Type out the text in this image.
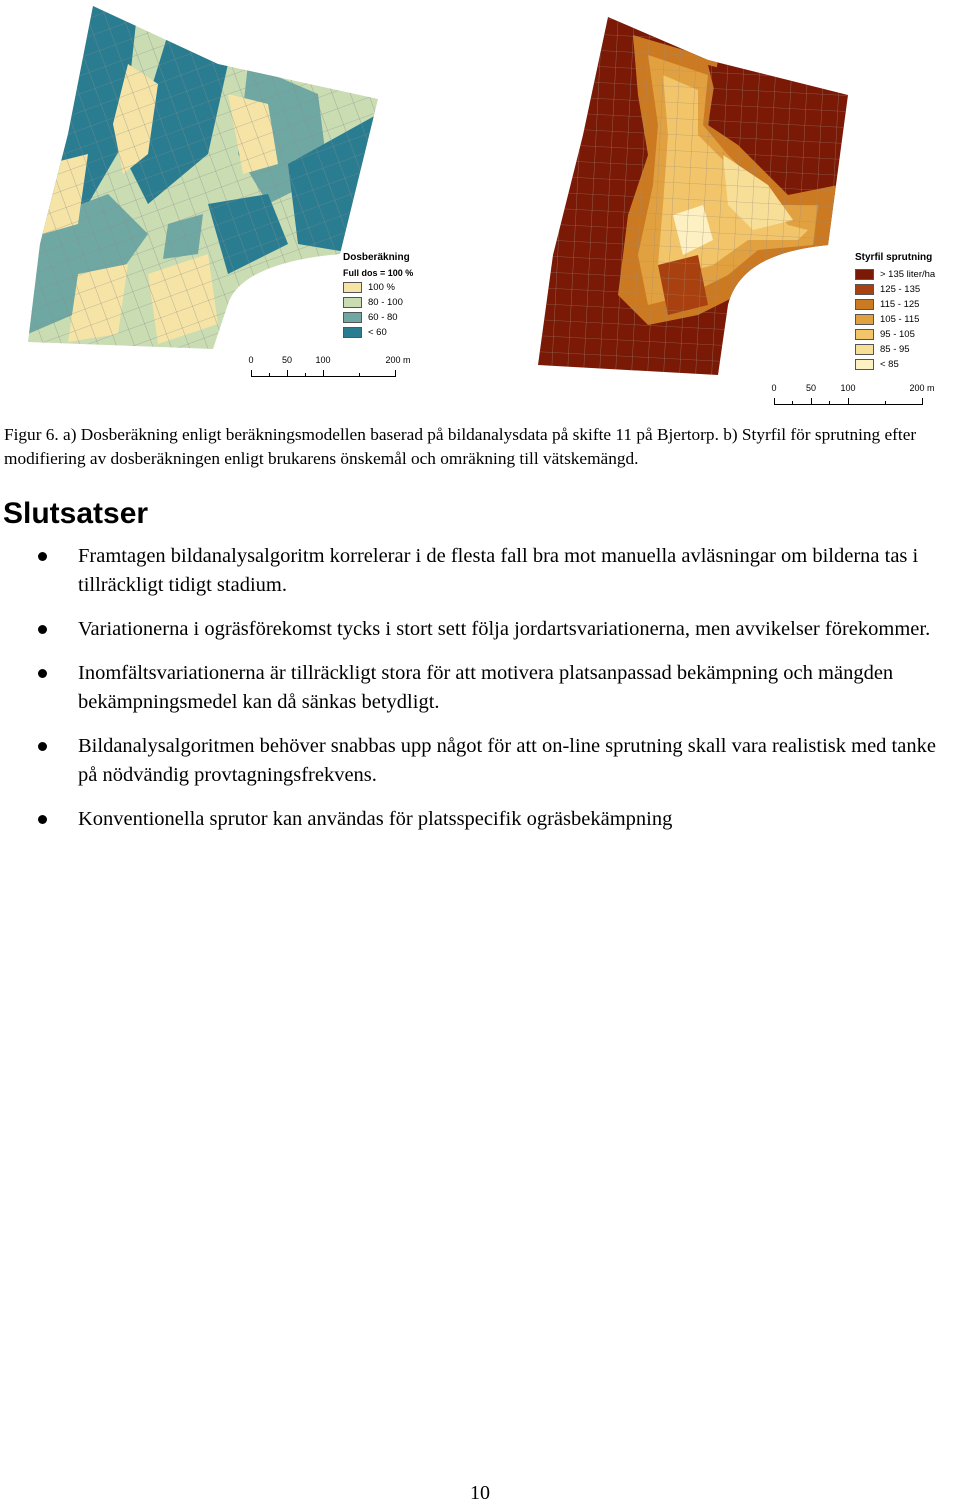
Dosberäkning
Full dos = 100 %
100 %
80 - 100
60 - 80
< 60
0	50	100	200 m
Styrfil sprutning
> 135 liter/ha
125 - 135
115 - 125
105 - 115
95 - 105
85 - 95
< 85
0	50	100	200 m
Figur 6. a) Dosberäkning enligt beräkningsmodellen baserad på bildanalysdata på skifte 11 på Bjertorp. b) Styrfil för sprutning efter modifiering av dosberäkningen enligt brukarens önskemål och omräkning till vätskemängd.
Slutsatser
Framtagen bildanalysalgoritm korrelerar i de flesta fall bra mot manuella avläsningar om bilderna tas i tillräckligt tidigt stadium.
Variationerna i ogräsförekomst tycks i stort sett följa jordartsvariationerna, men avvikelser förekommer.
Inomfältsvariationerna är tillräckligt stora för att motivera platsanpassad bekämpning och mängden bekämpningsmedel kan då sänkas betydligt.
Bildanalysalgoritmen behöver snabbas upp något för att on-line sprutning skall vara realistisk med tanke på nödvändig provtagningsfrekvens.
Konventionella sprutor kan användas för platsspecifik ogräsbekämpning
10
